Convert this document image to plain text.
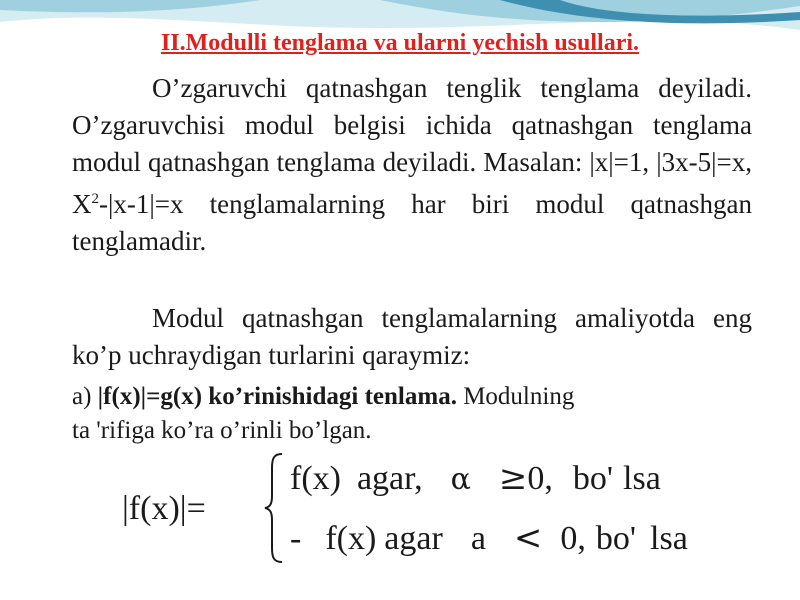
II.Modulli tenglama va ularni yechish usullari.
O’zgaruvchi qatnashgan tenglik tenglama deyiladi. O’zgaruvchisi modul belgisi ichida qatnashgan tenglama modul qatnashgan tenglama deyiladi. Masalan: |x|=1, |3x-5|=x, $X^2-|x-1|=x$ tenglamalarning har biri modul qatnashgan tenglamadir.
Modul qatnashgan tenglamalarning amaliyotda eng ko’p uchraydigan turlarini qaraymiz:
a) |f(x)|=g(x) ko’rinishidagi tenlama. Modulning
ta 'rifiga ko’ra o’rinli bo’lgan.
|f(x)|=
f(x) agar, α ≥0, bo' lsa
- f(x) agar a < 0, bo' lsa
